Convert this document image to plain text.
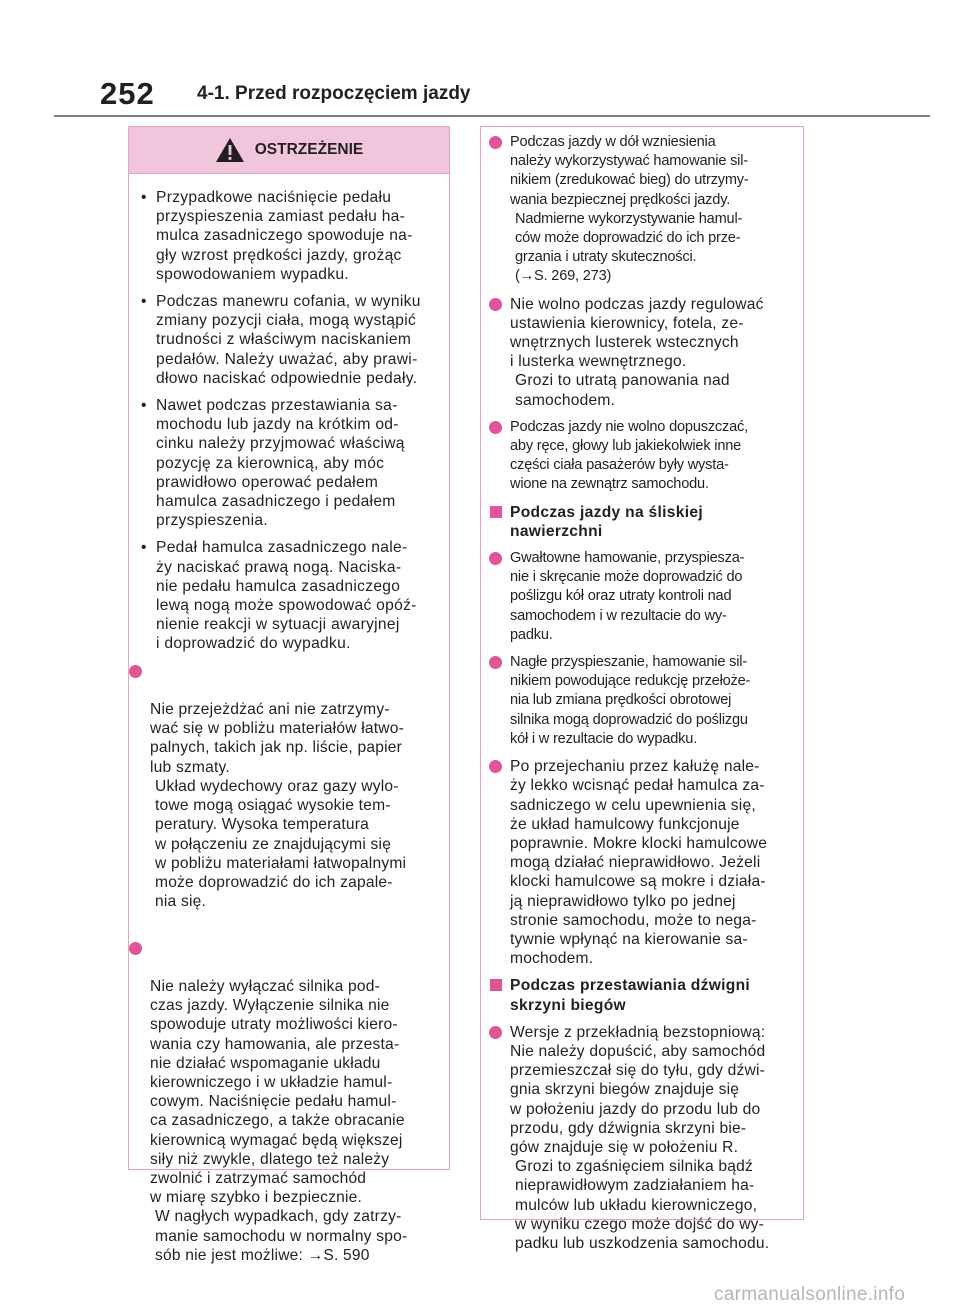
252 4-1. Przed rozpoczęciem jazdy
OSTRZEŻENIE
• Przypadkowe naciśnięcie pedału
przyspieszenia zamiast pedału ha-
mulca zasadniczego spowoduje na-
gły wzrost prędkości jazdy, grożąc
spowodowaniem wypadku.
• Podczas manewru cofania, w wyniku
zmiany pozycji ciała, mogą wystąpić
trudności z właściwym naciskaniem
pedałów. Należy uważać, aby prawi-
dłowo naciskać odpowiednie pedały.
• Nawet podczas przestawiania sa-
mochodu lub jazdy na krótkim od-
cinku należy przyjmować właściwą
pozycję za kierownicą, aby móc
prawidłowo operować pedałem
hamulca zasadniczego i pedałem
przyspieszenia.
• Pedał hamulca zasadniczego nale-
ży naciskać prawą nogą. Naciska-
nie pedału hamulca zasadniczego
lewą nogą może spowodować opóź-
nienie reakcji w sytuacji awaryjnej
i doprowadzić do wypadku.

Nie przejeżdżać ani nie zatrzymy-
wać się w pobliżu materiałów łatwo-
palnych, takich jak np. liście, papier
lub szmaty.

Układ wydechowy oraz gazy wylo-
towe mogą osiągać wysokie tem-
peratury. Wysoka temperatura
w połączeniu ze znajdującymi się
w pobliżu materiałami łatwopalnymi
może doprowadzić do ich zapale-
nia się.

Nie należy wyłączać silnika pod-
czas jazdy. Wyłączenie silnika nie
spowoduje utraty możliwości kiero-
wania czy hamowania, ale przesta-
nie działać wspomaganie układu
kierowniczego i w układzie hamul-
cowym. Naciśnięcie pedału hamul-
ca zasadniczego, a także obracanie
kierownicą wymagać będą większej
siły niż zwykle, dlatego też należy
zwolnić i zatrzymać samochód
w miarę szybko i bezpiecznie.

W nagłych wypadkach, gdy zatrzy-
manie samochodu w normalny spo-
sób nie jest możliwe: →S. 590

Podczas jazdy w dół wzniesienia
należy wykorzystywać hamowanie sil-
nikiem (zredukować bieg) do utrzymy-
wania bezpiecznej prędkości jazdy.
Nadmierne wykorzystywanie hamul-
ców może doprowadzić do ich prze-
grzania i utraty skuteczności.
(→S. 269, 273)
Nie wolno podczas jazdy regulować
ustawienia kierownicy, fotela, ze-
wnętrznych lusterek wstecznych
i lusterka wewnętrznego.
Grozi to utratą panowania nad
samochodem.
Podczas jazdy nie wolno dopuszczać,
aby ręce, głowy lub jakiekolwiek inne
części ciała pasażerów były wysta-
wione na zewnątrz samochodu.
Podczas jazdy na śliskiej
nawierzchni
Gwałtowne hamowanie, przyspiesza-
nie i skręcanie może doprowadzić do
poślizgu kół oraz utraty kontroli nad
samochodem i w rezultacie do wy-
padku.
Nagłe przyspieszanie, hamowanie sil-
nikiem powodujące redukcję przełoże-
nia lub zmiana prędkości obrotowej
silnika mogą doprowadzić do poślizgu
kół i w rezultacie do wypadku.
Po przejechaniu przez kałużę nale-
ży lekko wcisnąć pedał hamulca za-
sadniczego w celu upewnienia się,
że układ hamulcowy funkcjonuje
poprawnie. Mokre klocki hamulcowe
mogą działać nieprawidłowo. Jeżeli
klocki hamulcowe są mokre i działa-
ją nieprawidłowo tylko po jednej
stronie samochodu, może to nega-
tywnie wpłynąć na kierowanie sa-
mochodem.
Podczas przestawiania dźwigni
skrzyni biegów
Wersje z przekładnią bezstopniową:
Nie należy dopuścić, aby samochód
przemieszczał się do tyłu, gdy dźwi-
gnia skrzyni biegów znajduje się
w położeniu jazdy do przodu lub do
przodu, gdy dźwignia skrzyni bie-
gów znajduje się w położeniu R.
Grozi to zgaśnięciem silnika bądź
nieprawidłowym zadziałaniem ha-
mulców lub układu kierowniczego,
w wyniku czego może dojść do wy-
padku lub uszkodzenia samochodu.
carmanualsonline.info
